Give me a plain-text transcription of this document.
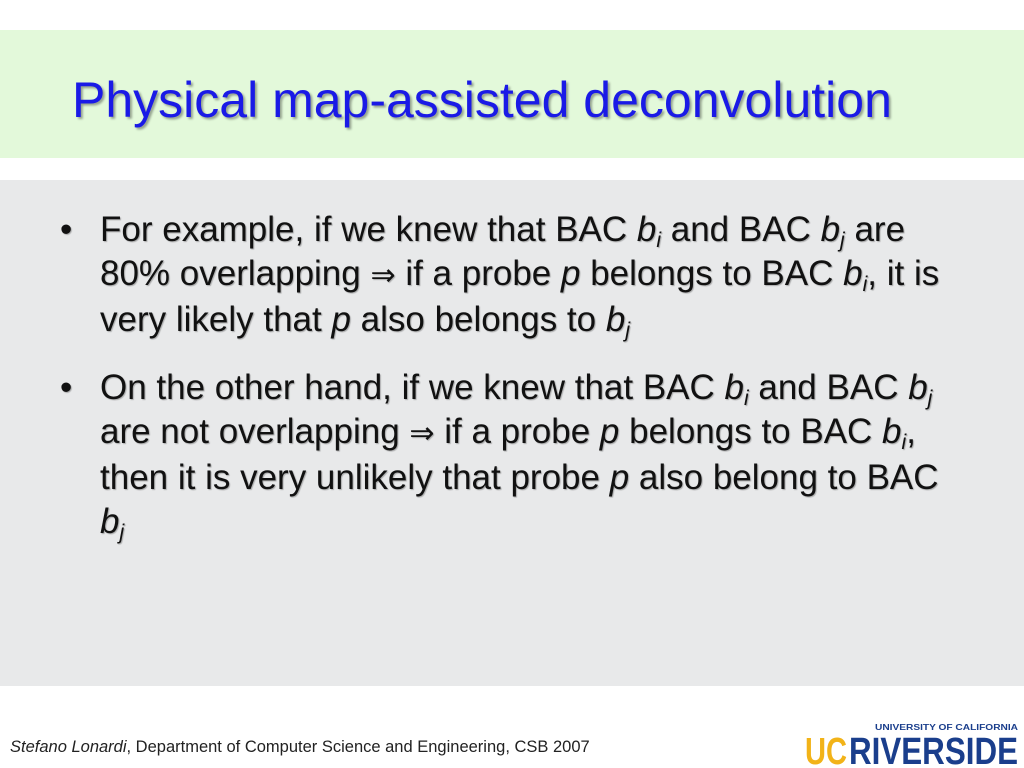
Physical map-assisted deconvolution
• For example, if we knew that BAC $b_i$ and BAC $b_j$ are 80% overlapping ⇒ if a probe p belongs to BAC $b_i$, it is very likely that p also belongs to $b_j$
• On the other hand, if we knew that BAC $b_i$ and BAC $b_j$ are not overlapping ⇒ if a probe p belongs to BAC $b_i$, then it is very unlikely that probe p also belong to BAC $b_j$
Stefano Lonardi, Department of Computer Science and Engineering, CSB 2007	UC RIVERSIDE
UNIVERSITY OF CALIFORNIA
